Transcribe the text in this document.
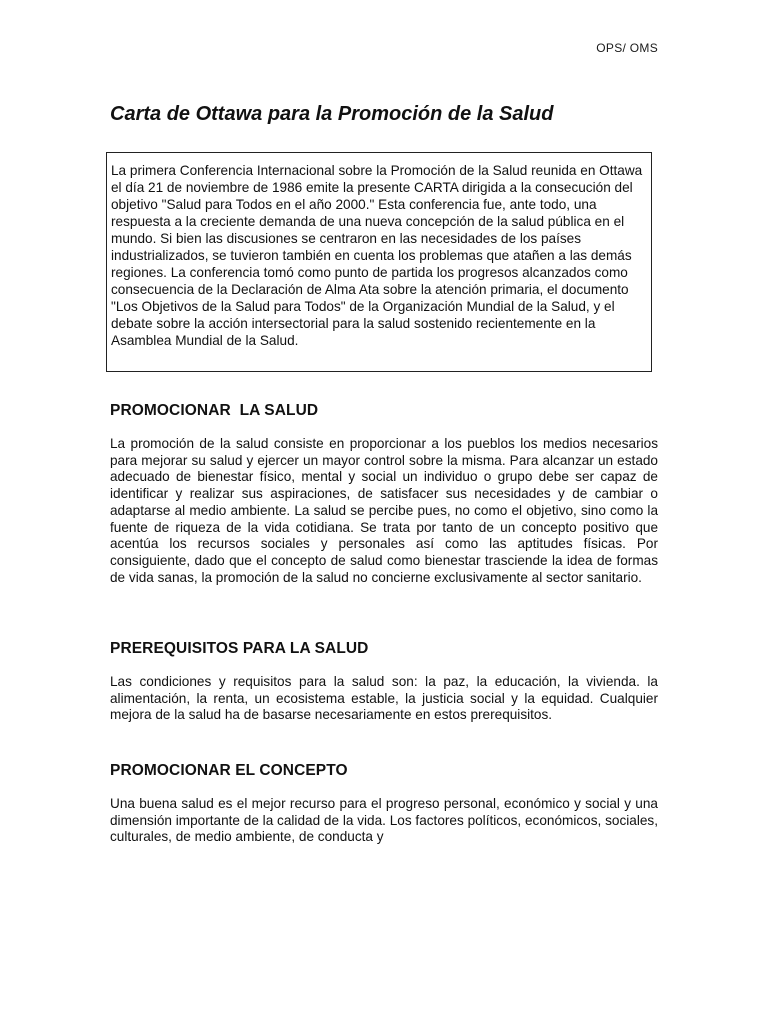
OPS/ OMS
Carta de Ottawa para la Promoción de la Salud

La primera Conferencia Internacional sobre la Promoción de la Salud reunida en Ottawa el día 21 de noviembre de 1986 emite la presente CARTA dirigida a la consecución del objetivo "Salud para Todos en el año 2000." Esta conferencia fue, ante todo, una respuesta a la creciente demanda de una nueva concepción de la salud pública en el mundo. Si bien las discusiones se centraron en las necesidades de los países industrializados, se tuvieron también en cuenta los problemas que atañen a las demás regiones. La conferencia tomó como punto de partida los progresos alcanzados como consecuencia de la Declaración de Alma Ata sobre la atención primaria, el documento "Los Objetivos de la Salud para Todos" de la Organización Mundial de la Salud, y el debate sobre la acción intersectorial para la salud sostenido recientemente en la Asamblea Mundial de la Salud.

PROMOCIONAR  LA SALUD

La promoción de la salud consiste en proporcionar a los pueblos los medios necesarios para mejorar su salud y ejercer un mayor control sobre la misma. Para alcanzar un estado adecuado de bienestar físico, mental y social un individuo o grupo debe ser capaz de identificar y realizar sus aspiraciones, de satisfacer sus necesidades y de cambiar o adaptarse al medio ambiente. La salud se percibe pues, no como el objetivo, sino como la fuente de riqueza de la vida cotidiana. Se trata por tanto de un concepto positivo que acentúa los recursos sociales y personales así como las aptitudes físicas. Por consiguiente, dado que el concepto de salud como bienestar trasciende la idea de formas de vida sanas, la promoción de la salud no concierne exclusivamente al sector sanitario.

PREREQUISITOS PARA LA SALUD

Las condiciones y requisitos para la salud son: la paz, la educación, la vivienda. la alimentación, la renta, un ecosistema estable, la justicia social y la equidad. Cualquier mejora de la salud ha de basarse necesariamente en estos prerequisitos.

PROMOCIONAR EL CONCEPTO

Una buena salud es el mejor recurso para el progreso personal, económico y social y una dimensión importante de la calidad de la vida. Los factores políticos, económicos, sociales, culturales, de medio ambiente, de conducta y
